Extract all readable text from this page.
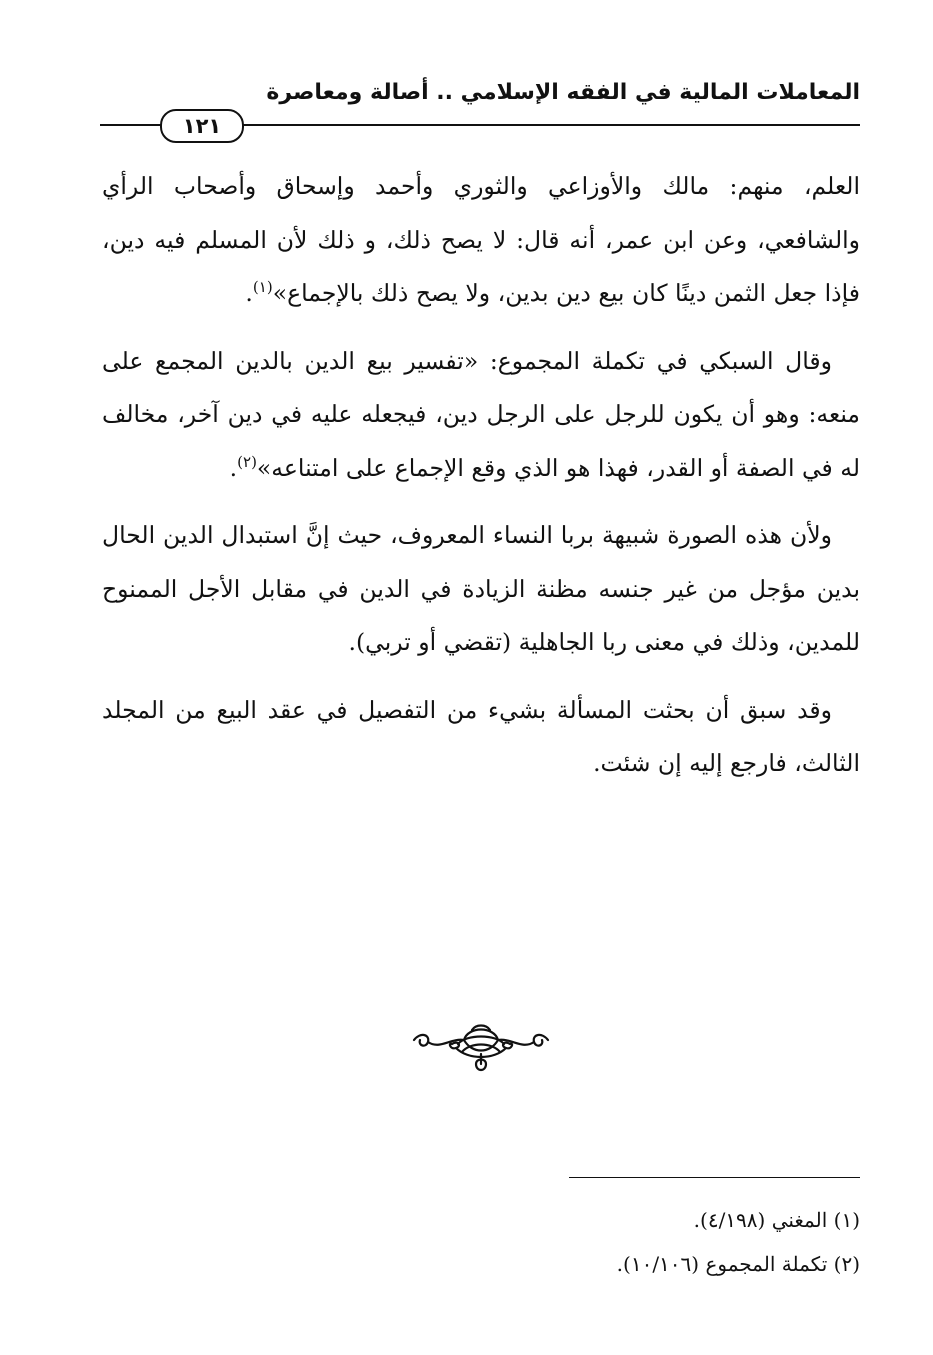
المعاملات المالية في الفقه الإسلامي .. أصالة ومعاصرة
١٢١

العلم، منهم: مالك والأوزاعي والثوري وأحمد وإسحاق وأصحاب الرأي والشافعي، وعن ابن عمر، أنه قال: لا يصح ذلك، و ذلك لأن المسلم فيه دين، فإذا جعل الثمن دينًا كان بيع دين بدين، ولا يصح ذلك بالإجماع»$^{(١)}$.

وقال السبكي في تكملة المجموع: «تفسير بيع الدين بالدين المجمع على منعه: وهو أن يكون للرجل على الرجل دين، فيجعله عليه في دين آخر، مخالف له في الصفة أو القدر، فهذا هو الذي وقع الإجماع على امتناعه»$^{(٢)}$.

ولأن هذه الصورة شبيهة بربا النساء المعروف، حيث إنَّ استبدال الدين الحال بدين مؤجل من غير جنسه مظنة الزيادة في الدين في مقابل الأجل الممنوح للمدين، وذلك في معنى ربا الجاهلية (تقضي أو تربي).

وقد سبق أن بحثت المسألة بشيء من التفصيل في عقد البيع من المجلد الثالث، فارجع إليه إن شئت.

(١) المغني (٤/١٩٨).
(٢) تكملة المجموع (١٠/١٠٦).
